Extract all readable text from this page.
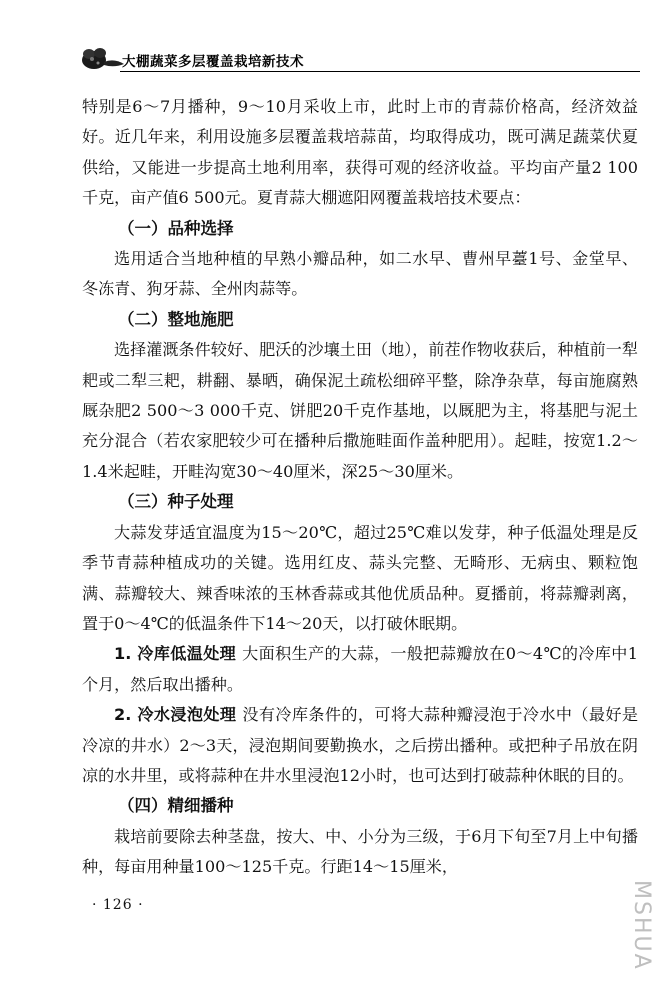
大棚蔬菜多层覆盖栽培新技术

特别是6～7月播种，9～10月采收上市，此时上市的青蒜价格高，经济效益好。近几年来，利用设施多层覆盖栽培蒜苗，均取得成功，既可满足蔬菜伏夏供给，又能进一步提高土地利用率，获得可观的经济收益。平均亩产量2 100千克，亩产值6 500元。夏青蒜大棚遮阳网覆盖栽培技术要点：

（一）品种选择

选用适合当地种植的早熟小瓣品种，如二水早、曹州早薹1号、金堂早、冬冻青、狗牙蒜、全州肉蒜等。

（二）整地施肥

选择灌溉条件较好、肥沃的沙壤土田（地），前茬作物收获后，种植前一犁耙或二犁三耙，耕翻、暴晒，确保泥土疏松细碎平整，除净杂草，每亩施腐熟厩杂肥2 500～3 000千克、饼肥20千克作基地，以厩肥为主，将基肥与泥土充分混合（若农家肥较少可在播种后撒施畦面作盖种肥用）。起畦，按宽1.2～1.4米起畦，开畦沟宽30～40厘米，深25～30厘米。

（三）种子处理

大蒜发芽适宜温度为15～20℃，超过25℃难以发芽，种子低温处理是反季节青蒜种植成功的关键。选用红皮、蒜头完整、无畸形、无病虫、颗粒饱满、蒜瓣较大、辣香味浓的玉林香蒜或其他优质品种。夏播前，将蒜瓣剥离，置于0～4℃的低温条件下14～20天，以打破休眠期。

1. 冷库低温处理 大面积生产的大蒜，一般把蒜瓣放在0～4℃的冷库中1个月，然后取出播种。

2. 冷水浸泡处理 没有冷库条件的，可将大蒜种瓣浸泡于冷水中（最好是冷凉的井水）2～3天，浸泡期间要勤换水，之后捞出播种。或把种子吊放在阴凉的水井里，或将蒜种在井水里浸泡12小时，也可达到打破蒜种休眠的目的。

（四）精细播种

栽培前要除去种茎盘，按大、中、小分为三级，于6月下旬至7月上中旬播种，每亩用种量100～125千克。行距14～15厘米，

· 126 ·	MSHUA
